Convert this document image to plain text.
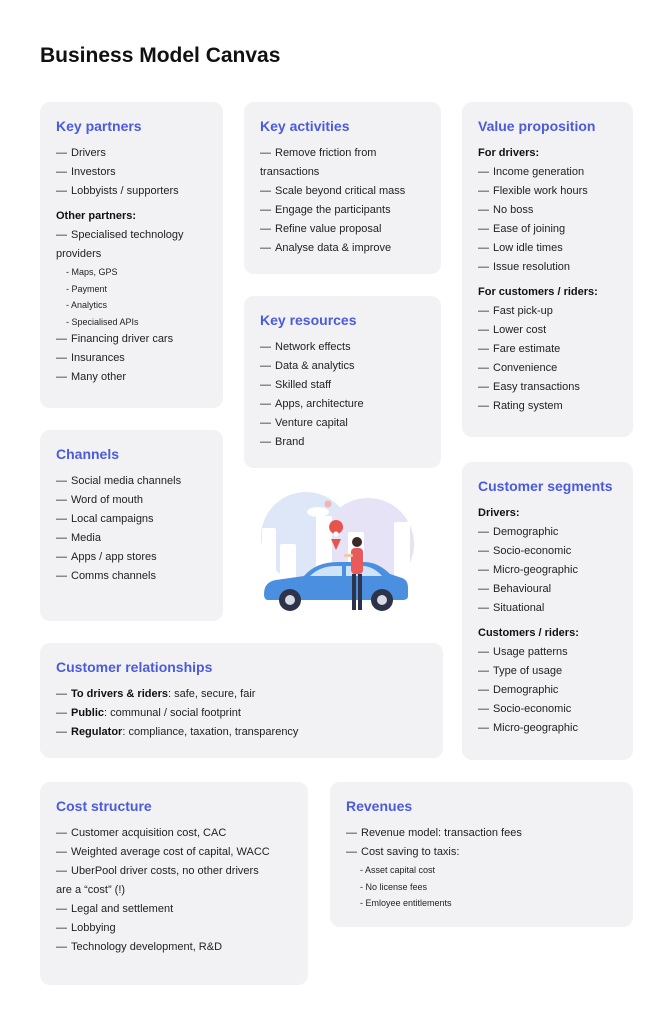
Business Model Canvas
Key partners
— Drivers
— Investors
— Lobbyists / supporters
Other partners:
— Specialised technology
providers
- Maps, GPS
- Payment
- Analytics
- Specialised APIs
— Financing driver cars
— Insurances
— Many other
Key activities
— Remove friction from
transactions
— Scale beyond critical mass
— Engage the participants
— Refine value proposal
— Analyse data & improve
Value proposition
For drivers:
— Income generation
— Flexible work hours
— No boss
— Ease of joining
— Low idle times
— Issue resolution
For customers / riders:
— Fast pick-up
— Lower cost
— Fare estimate
— Convenience
— Easy transactions
— Rating system
Key resources
— Network effects
— Data & analytics
— Skilled staff
— Apps, architecture
— Venture capital
— Brand
Channels
— Social media channels
— Word of mouth
— Local campaigns
— Media
— Apps / app stores
— Comms channels
Customer segments
Drivers:
— Demographic
— Socio-economic
— Micro-geographic
— Behavioural
— Situational
Customers / riders:
— Usage patterns
— Type of usage
— Demographic
— Socio-economic
— Micro-geographic
Customer relationships
— To drivers & riders: safe, secure, fair
— Public: communal / social footprint
— Regulator: compliance, taxation, transparency
Cost structure
— Customer acquisition cost, CAC
— Weighted average cost of capital, WACC
— UberPool driver costs, no other drivers
are a “cost” (!)
— Legal and settlement
— Lobbying
— Technology development, R&D
Revenues
— Revenue model: transaction fees
— Cost saving to taxis:
- Asset capital cost
- No license fees
- Emloyee entitlements
